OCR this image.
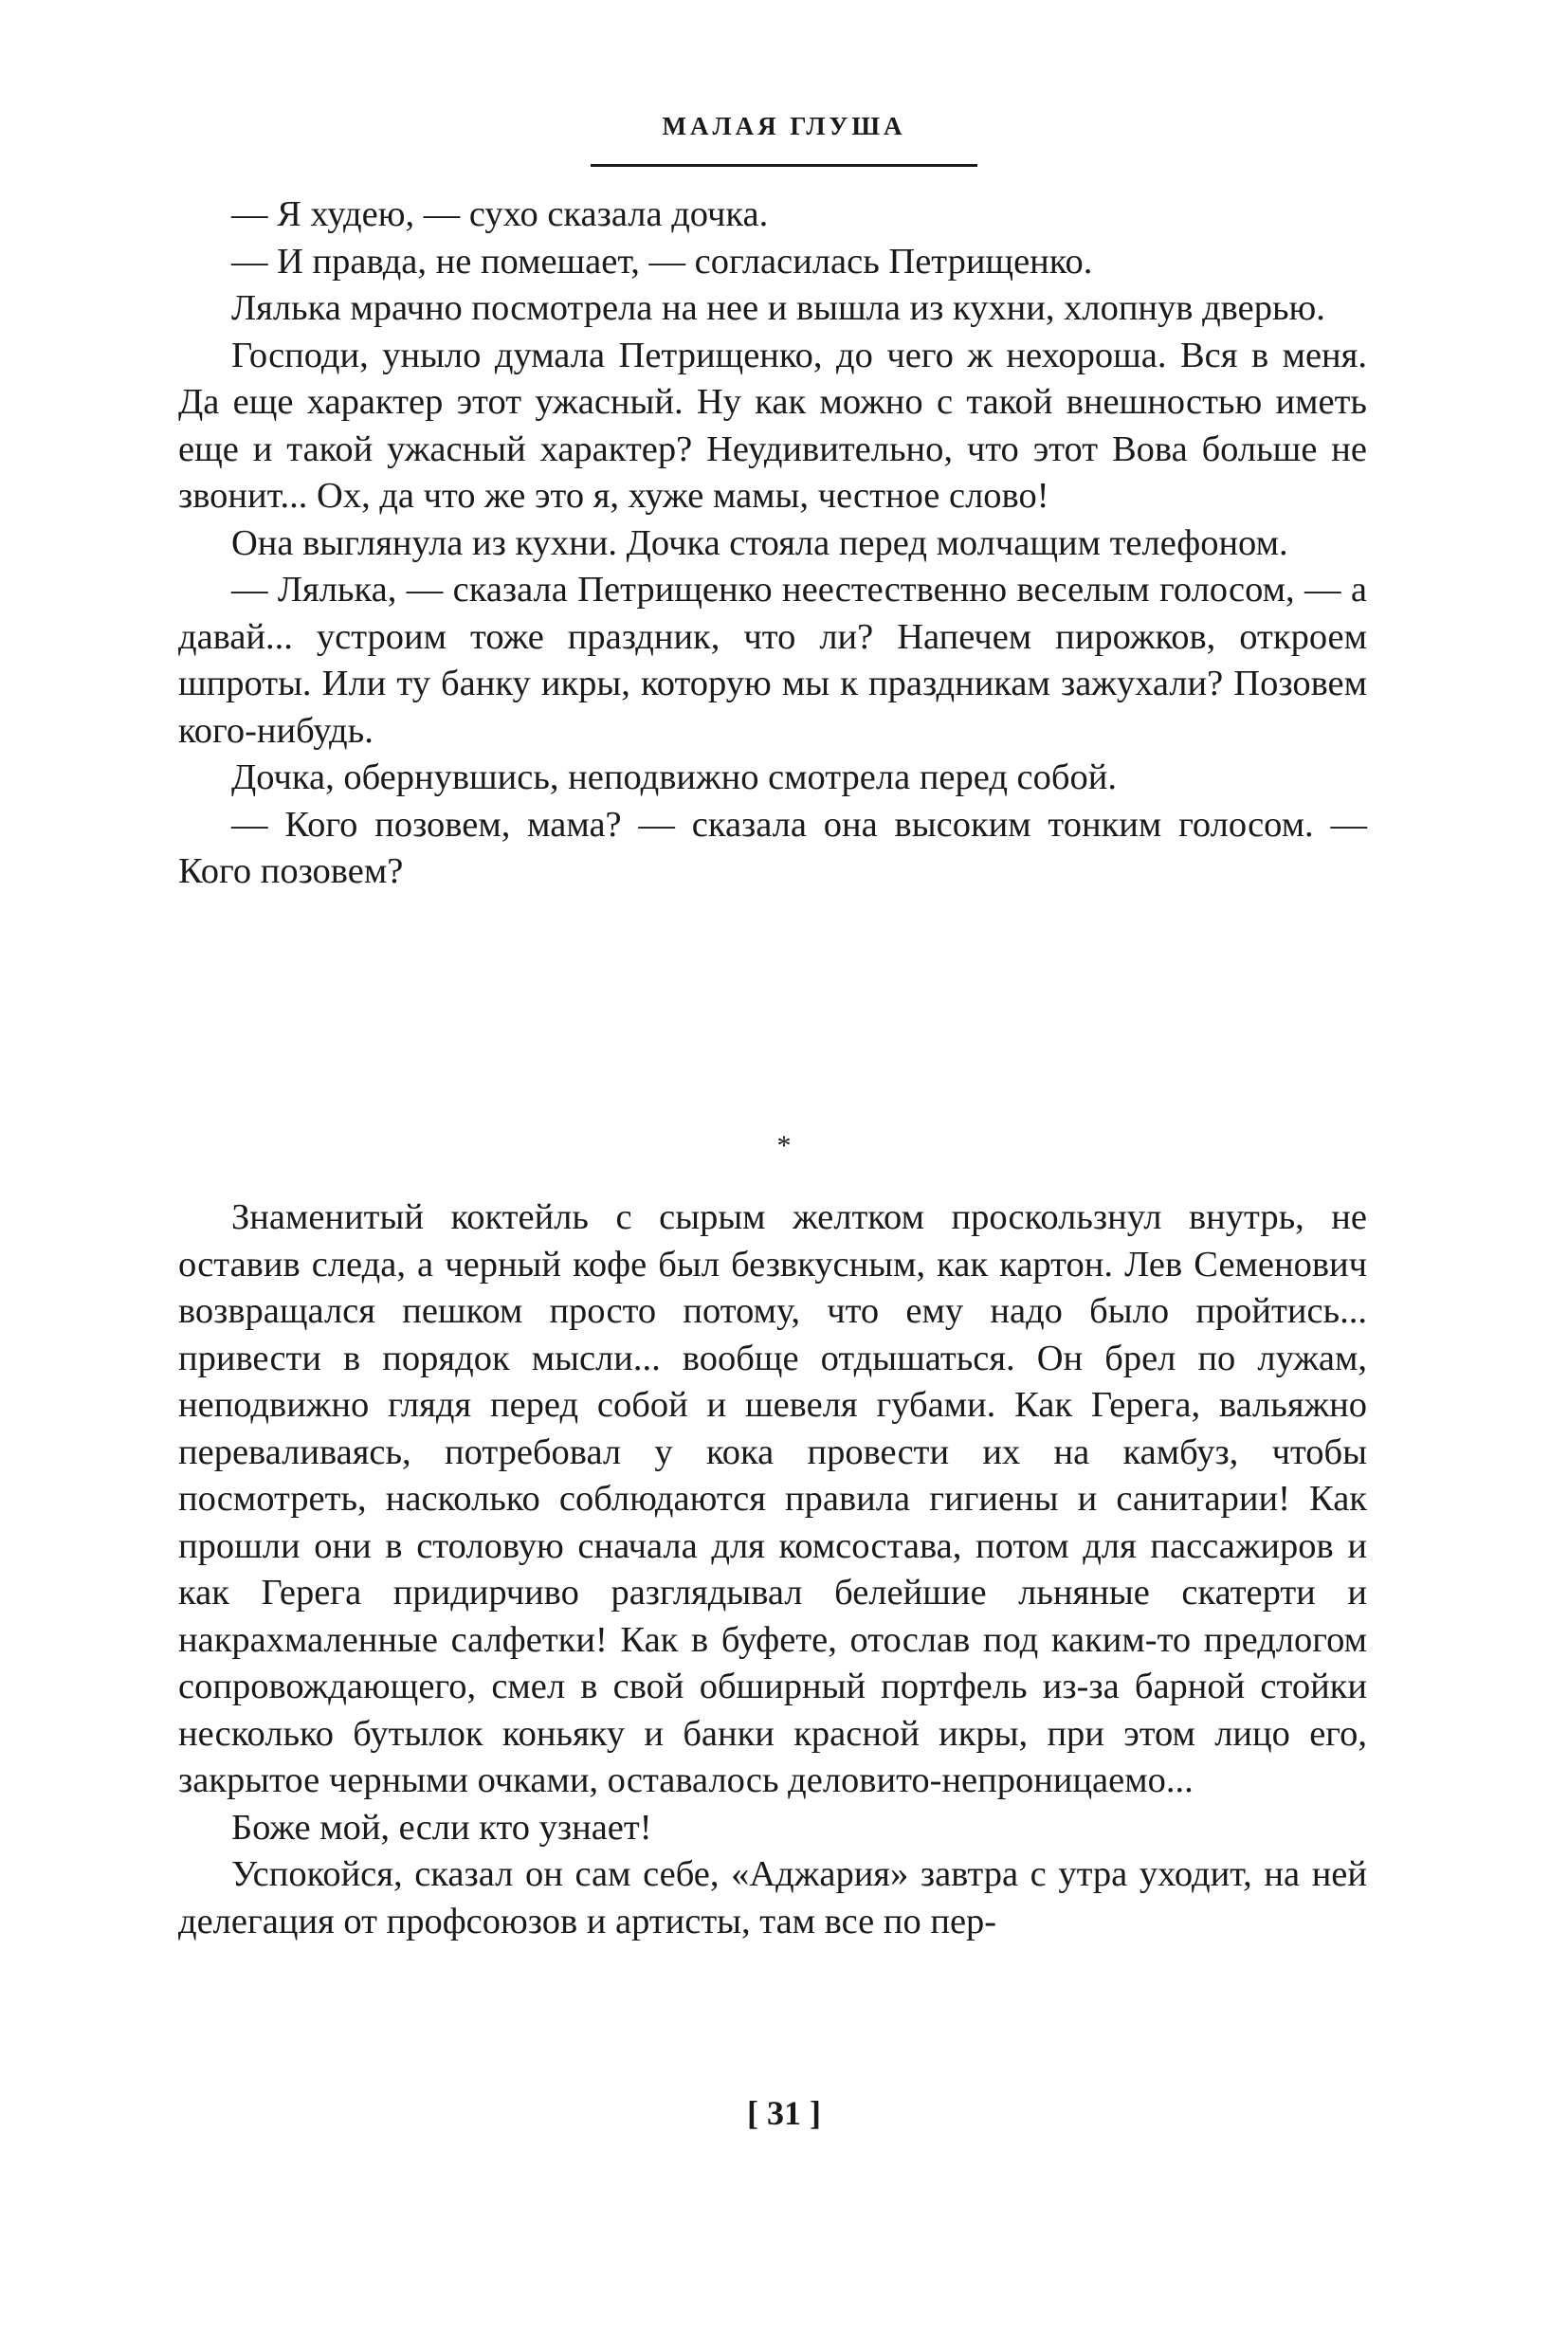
МАЛАЯ ГЛУША

— Я худею, — сухо сказала дочка.

— И правда, не помешает, — согласилась Петрищенко.

Лялька мрачно посмотрела на нее и вышла из кухни, хлопнув дверью.

Господи, уныло думала Петрищенко, до чего ж нехороша. Вся в меня. Да еще характер этот ужасный. Ну как можно с такой внешностью иметь еще и такой ужасный характер? Неудивительно, что этот Вова больше не звонит... Ох, да что же это я, хуже мамы, честное слово!

Она выглянула из кухни. Дочка стояла перед молчащим телефоном.

— Лялька, — сказала Петрищенко неестественно веселым голосом, — а давай... устроим тоже праздник, что ли? Напечем пирожков, откроем шпроты. Или ту банку икры, которую мы к праздникам зажухали? Позовем кого-нибудь.

Дочка, обернувшись, неподвижно смотрела перед собой.

— Кого позовем, мама? — сказала она высоким тонким голосом. — Кого позовем?

*

Знаменитый коктейль с сырым желтком проскользнул внутрь, не оставив следа, а черный кофе был безвкусным, как картон. Лев Семенович возвращался пешком просто потому, что ему надо было пройтись... привести в порядок мысли... вообще отдышаться. Он брел по лужам, неподвижно глядя перед собой и шевеля губами. Как Герега, вальяжно переваливаясь, потребовал у кока провести их на камбуз, чтобы посмотреть, насколько соблюдаются правила гигиены и санитарии! Как прошли они в столовую сначала для комсостава, потом для пассажиров и как Герега придирчиво разглядывал белейшие льняные скатерти и накрахмаленные салфетки! Как в буфете, отослав под каким-то предлогом сопровождающего, смел в свой обширный портфель из-за барной стойки несколько бутылок коньяку и банки красной икры, при этом лицо его, закрытое черными очками, оставалось деловито-непроницаемо...

Боже мой, если кто узнает!

Успокойся, сказал он сам себе, «Аджария» завтра с утра уходит, на ней делегация от профсоюзов и артисты, там все по пер-

[ 31 ]
